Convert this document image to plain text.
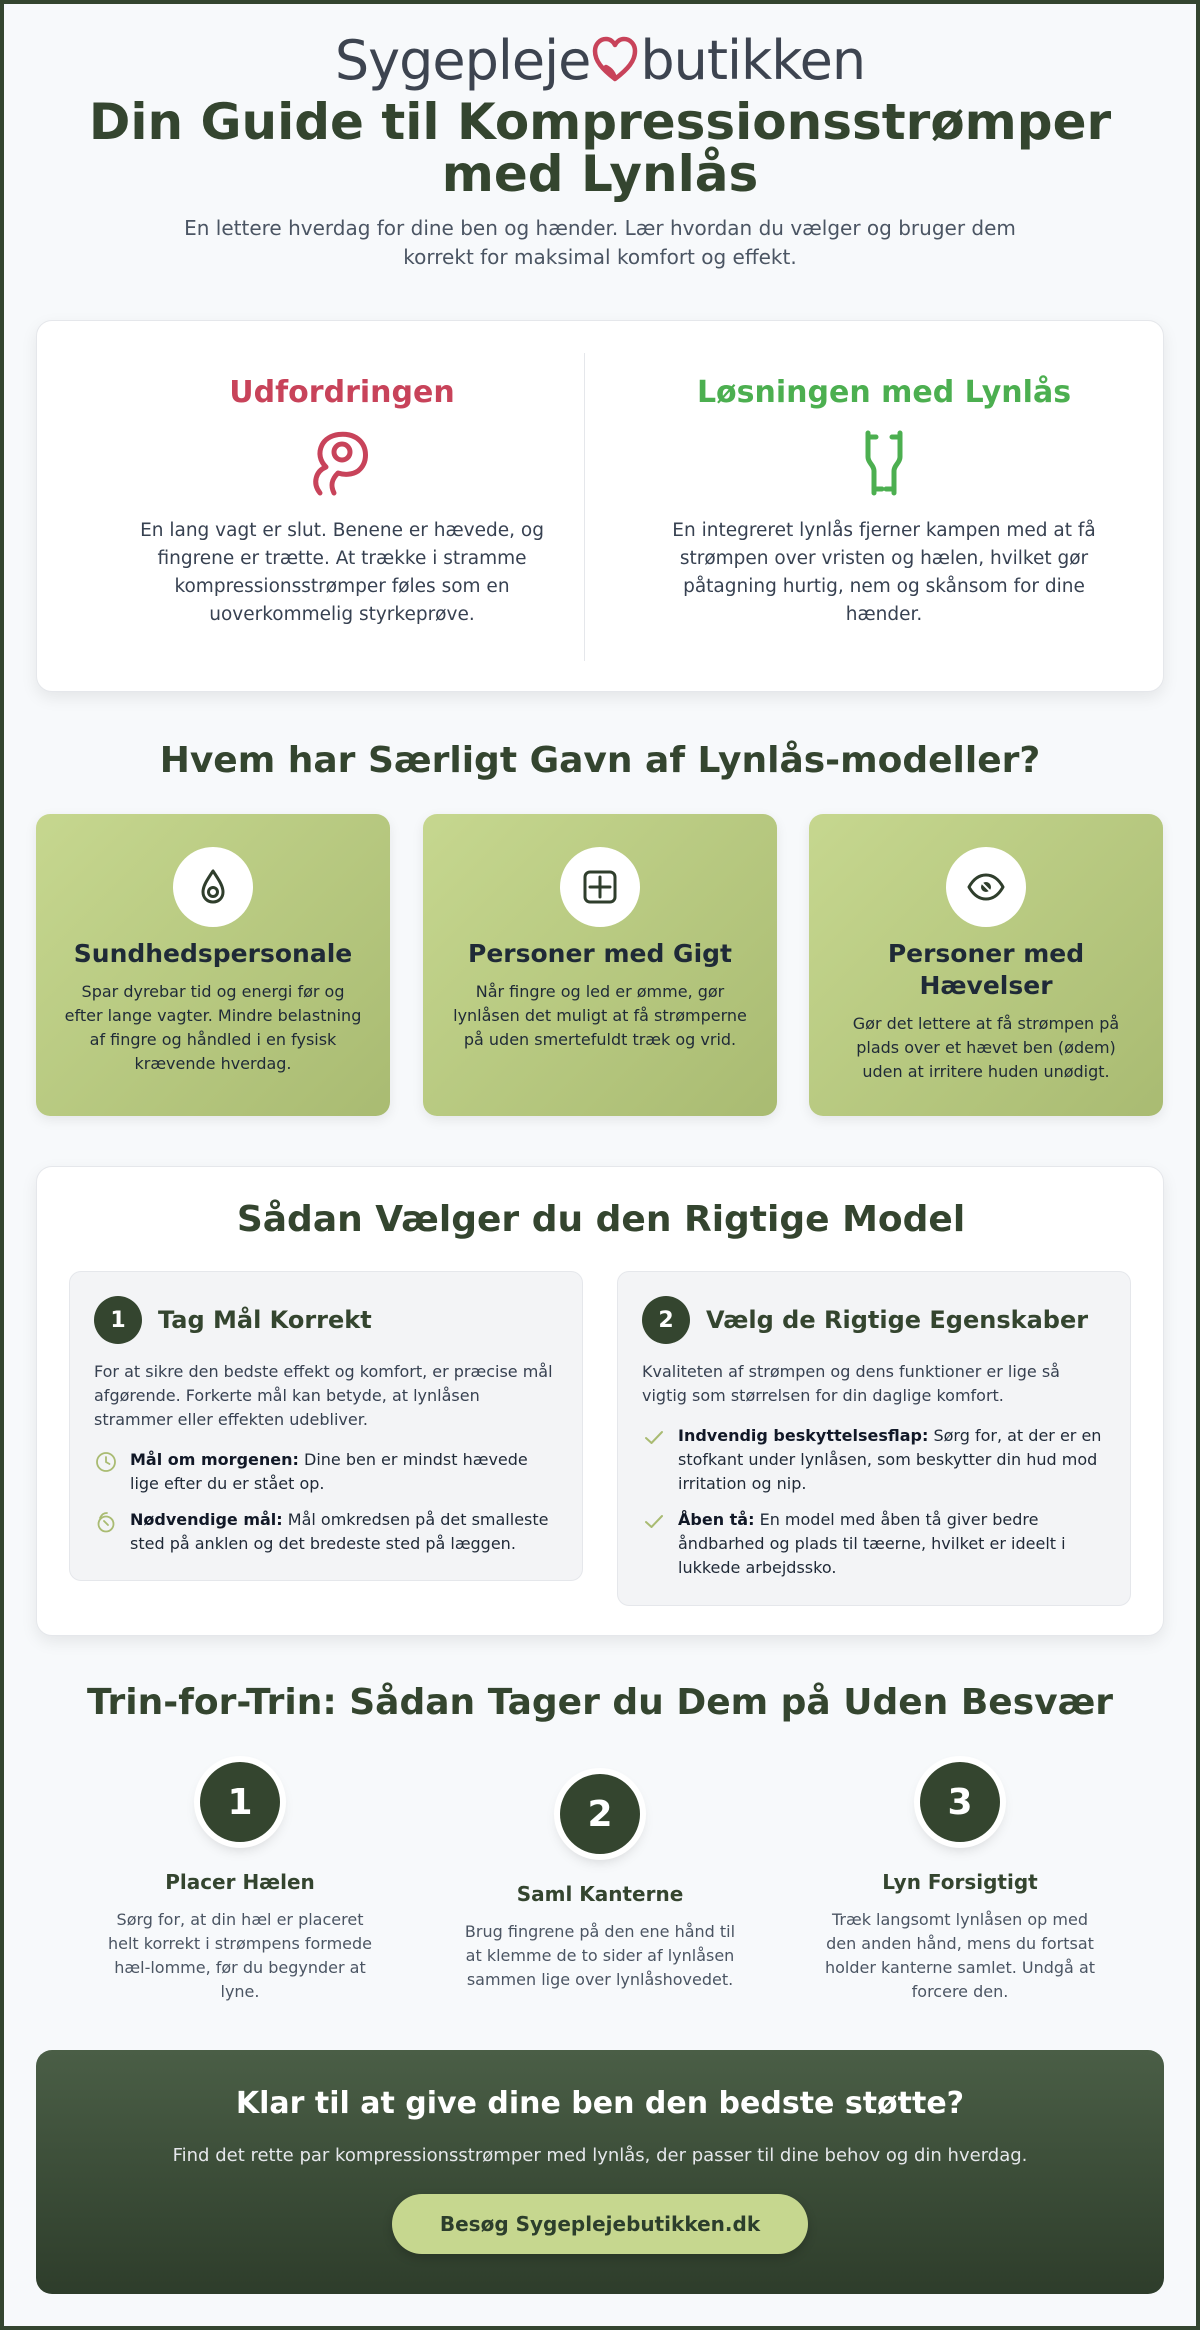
Sygepleje butikken
Din Guide til Kompressionsstrømper med Lynlås

En lettere hverdag for dine ben og hænder. Lær hvordan du vælger og bruger dem korrekt for maksimal komfort og effekt.

Udfordringen

En lang vagt er slut. Benene er hævede, og fingrene er trætte. At trække i stramme kompressionsstrømper føles som en uoverkommelig styrkeprøve.

Løsningen med Lynlås

En integreret lynlås fjerner kampen med at få strømpen over vristen og hælen, hvilket gør påtagning hurtig, nem og skånsom for dine hænder.

Hvem har Særligt Gavn af Lynlås-modeller?
Sundhedspersonale

Spar dyrebar tid og energi før og efter lange vagter. Mindre belastning af fingre og håndled i en fysisk krævende hverdag.

Personer med Gigt

Når fingre og led er ømme, gør lynlåsen det muligt at få strømperne på uden smertefuldt træk og vrid.

Personer med Hævelser

Gør det lettere at få strømpen på plads over et hævet ben (ødem) uden at irritere huden unødigt.

Sådan Vælger du den Rigtige Model
1	Tag Mål Korrekt

For at sikre den bedste effekt og komfort, er præcise mål afgørende. Forkerte mål kan betyde, at lynlåsen strammer eller effekten udebliver.

Mål om morgenen: Dine ben er mindst hævede lige efter du er stået op.
Nødvendige mål: Mål omkredsen på det smalleste sted på anklen og det bredeste sted på læggen.
2	Vælg de Rigtige Egenskaber

Kvaliteten af strømpen og dens funktioner er lige så vigtig som størrelsen for din daglige komfort.

Indvendig beskyttelsesflap: Sørg for, at der er en stofkant under lynlåsen, som beskytter din hud mod irritation og nip.
Åben tå: En model med åben tå giver bedre åndbarhed og plads til tæerne, hvilket er ideelt i lukkede arbejdssko.
Trin-for-Trin: Sådan Tager du Dem på Uden Besvær
1
Placer Hælen

Sørg for, at din hæl er placeret helt korrekt i strømpens formede hæl-lomme, før du begynder at lyne.

2
Saml Kanterne

Brug fingrene på den ene hånd til at klemme de to sider af lynlåsen sammen lige over lynlåshovedet.

3
Lyn Forsigtigt

Træk langsomt lynlåsen op med den anden hånd, mens du fortsat holder kanterne samlet. Undgå at forcere den.

Klar til at give dine ben den bedste støtte?

Find det rette par kompressionsstrømper med lynlås, der passer til dine behov og din hverdag.

Besøg Sygeplejebutikken.dk
